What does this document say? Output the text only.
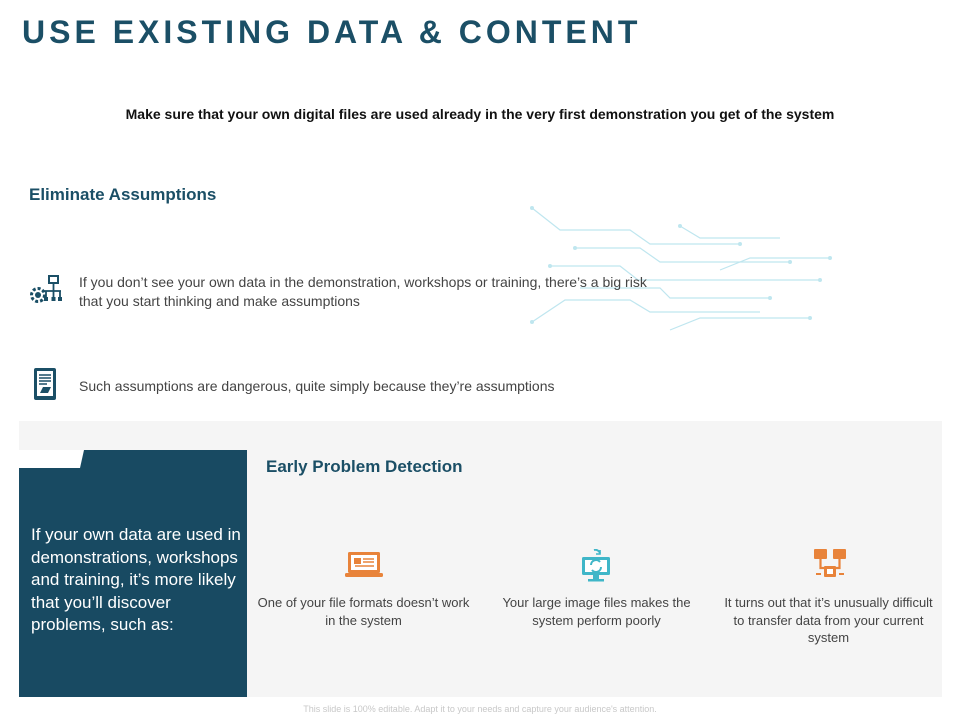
USE EXISTING DATA & CONTENT
Make sure that your own digital files are used already in the very first demonstration you get of the system
Eliminate Assumptions
If you don’t see your own data in the demonstration, workshops or training, there’s a big risk
that you start thinking and make assumptions
Such assumptions are dangerous, quite simply because they’re assumptions
If your own data are used in demonstrations, workshops and training, it’s more likely that you’ll discover problems, such as:
Early Problem Detection
One of your file formats doesn’t work in the system
Your large image files makes the system perform poorly
It turns out that it’s unusually difficult to transfer data from your current system
This slide is 100% editable. Adapt it to your needs and capture your audience's attention.
